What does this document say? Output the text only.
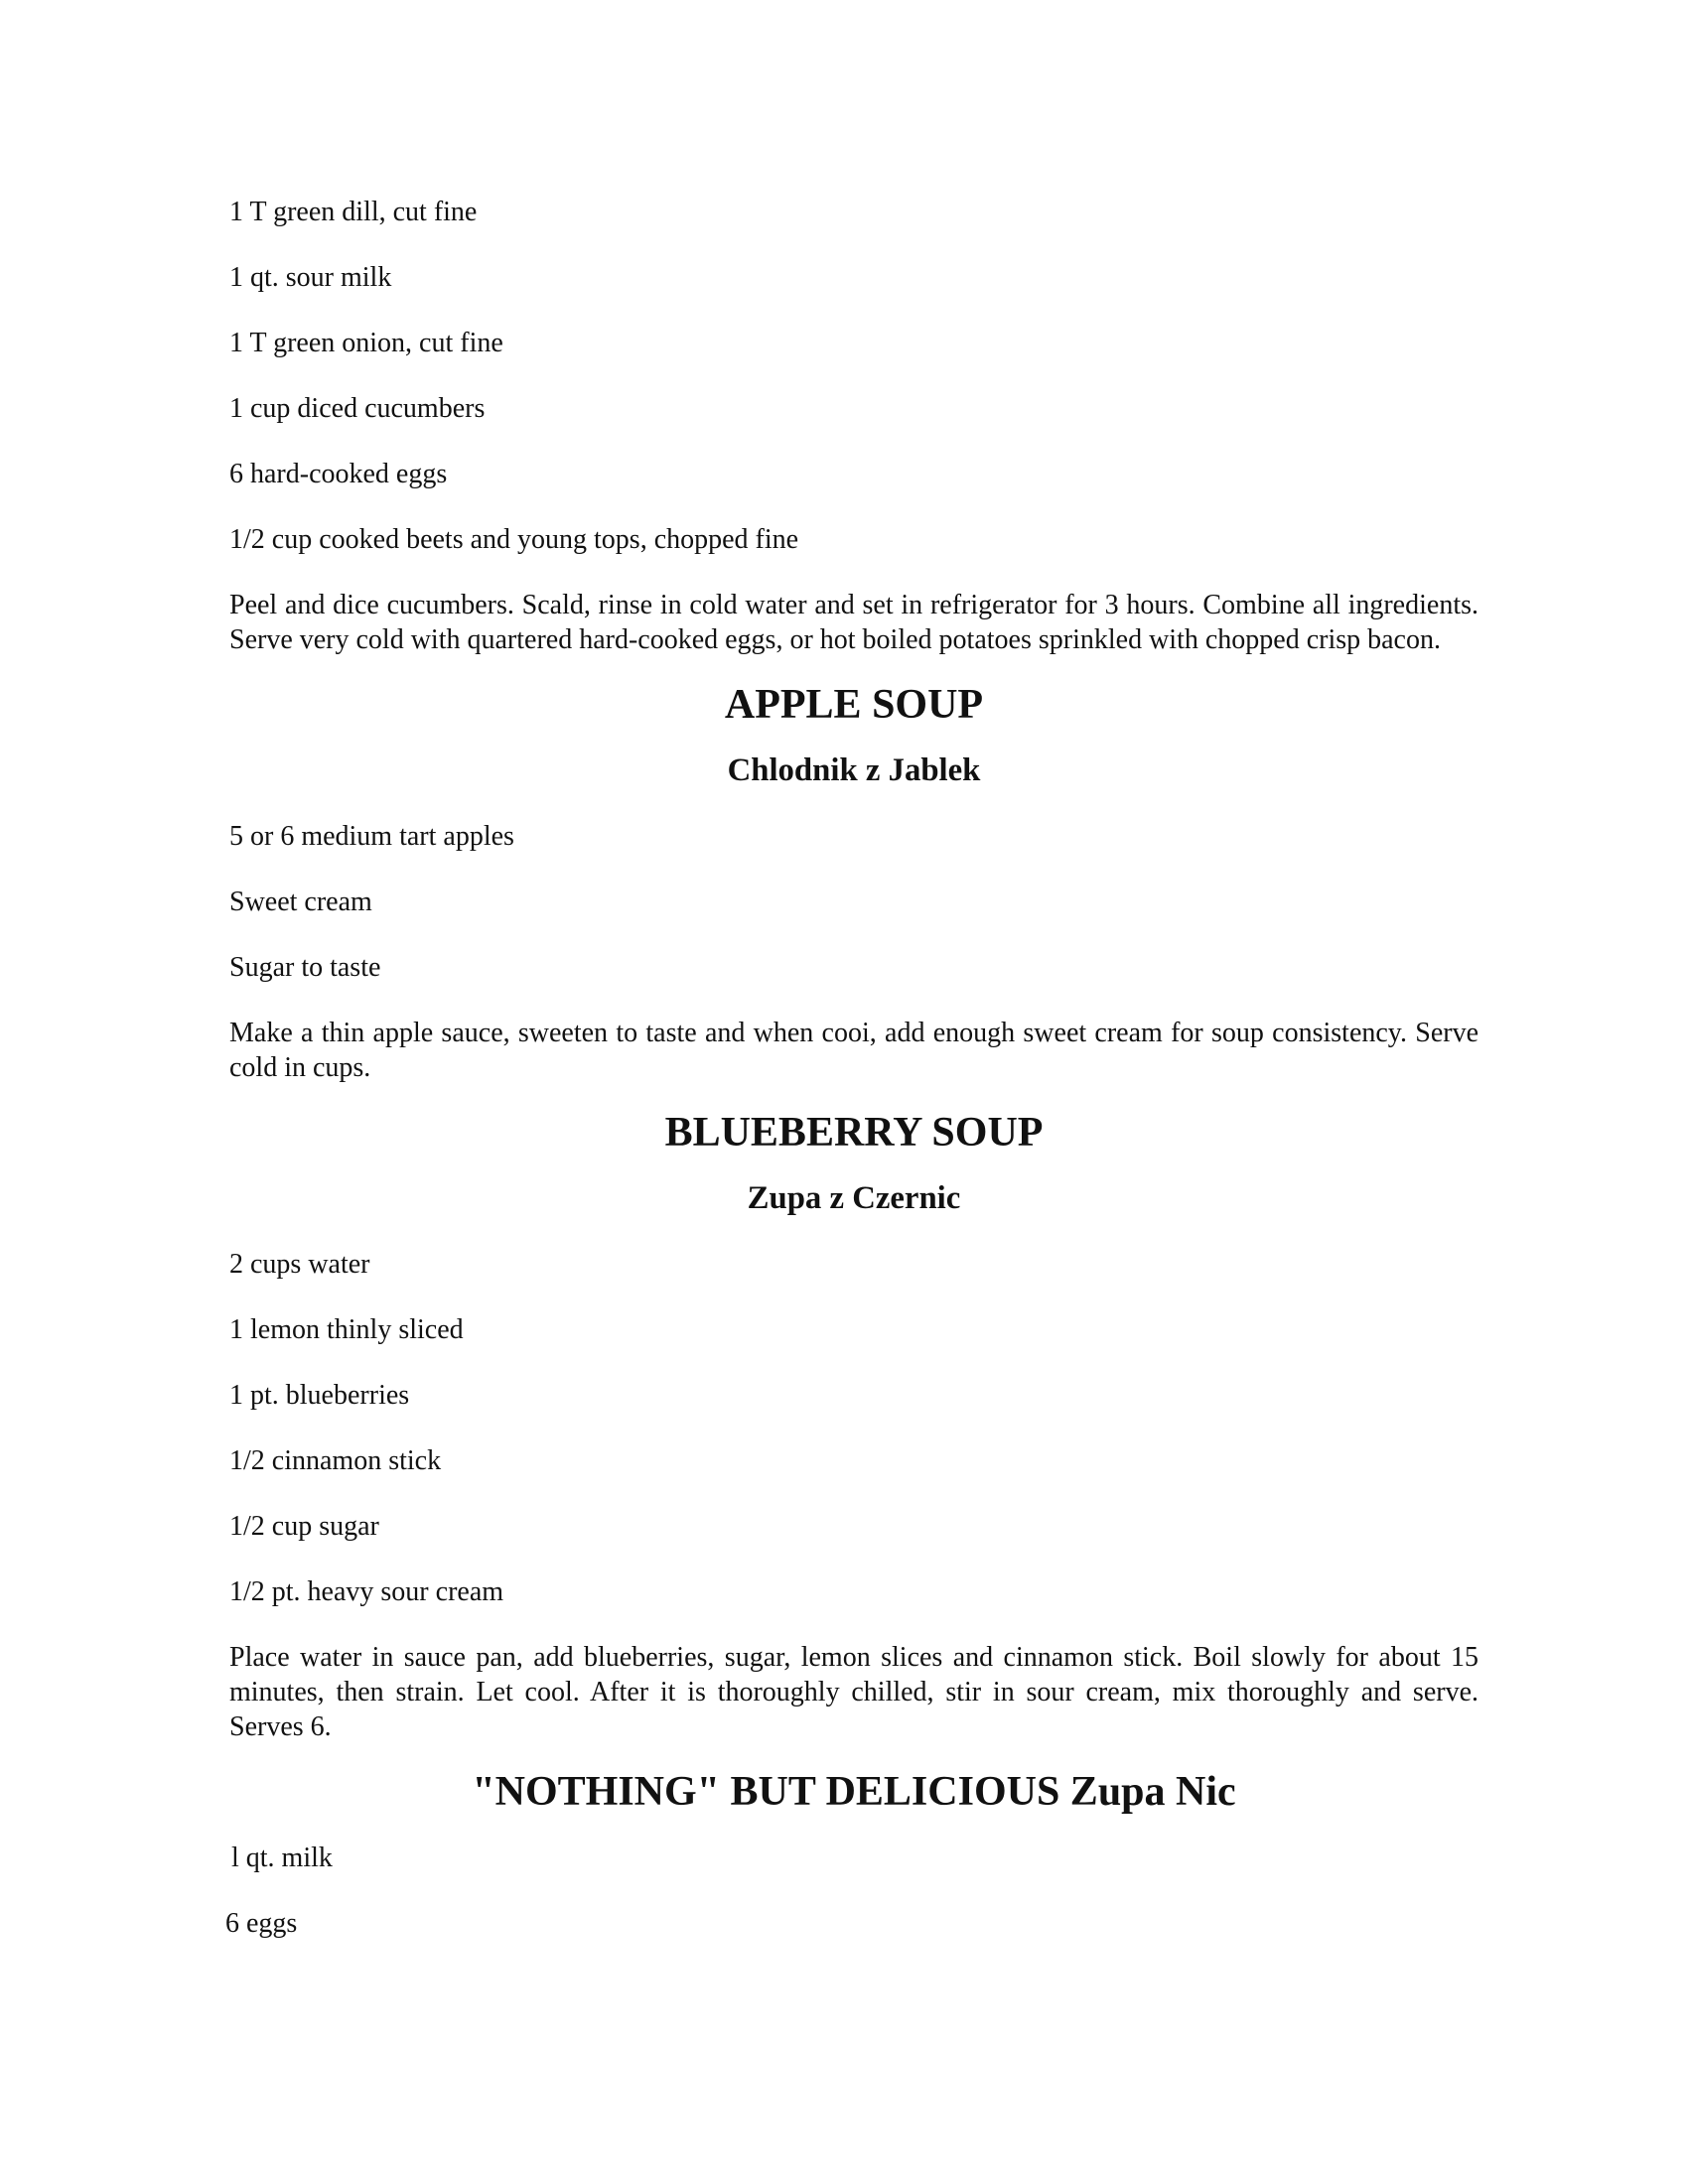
1 T green dill, cut fine

1 qt. sour milk

1 T green onion, cut fine

1 cup diced cucumbers

6 hard-cooked eggs

1/2 cup cooked beets and young tops, chopped fine

Peel and dice cucumbers. Scald, rinse in cold water and set in refrigerator for 3 hours. Combine all ingredients. Serve very cold with quartered hard-cooked eggs, or hot boiled potatoes sprinkled with chopped crisp bacon.

APPLE SOUP
Chlodnik z Jablek

5 or 6 medium tart apples

Sweet cream

Sugar to taste

Make a thin apple sauce, sweeten to taste and when cooi, add enough sweet cream for soup consistency. Serve cold in cups.

BLUEBERRY SOUP
Zupa z Czernic

2 cups water

1 lemon thinly sliced

1 pt. blueberries

1/2 cinnamon stick

1/2 cup sugar

1/2 pt. heavy sour cream

Place water in sauce pan, add blueberries, sugar, lemon slices and cinnamon stick. Boil slowly for about 15 minutes, then strain. Let cool. After it is thoroughly chilled, stir in sour cream, mix thoroughly and serve. Serves 6.

"NOTHING" BUT DELICIOUS Zupa Nic

l qt. milk

6 eggs
